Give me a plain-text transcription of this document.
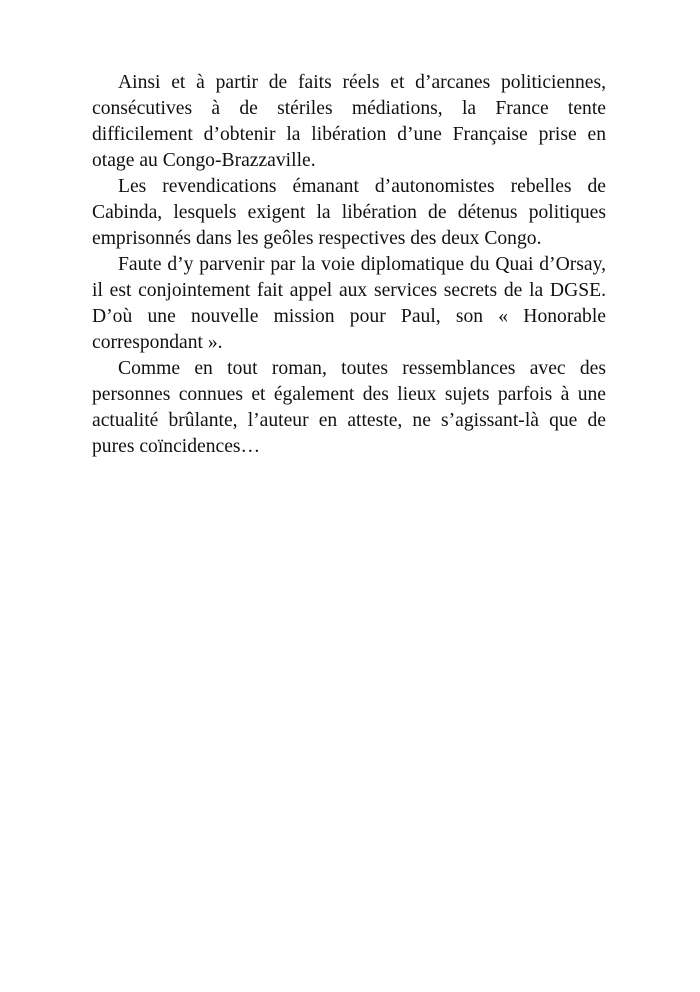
Ainsi et à partir de faits réels et d’arcanes politiciennes, consécutives à de stériles médiations, la France tente difficilement d’obtenir la libération d’une Française prise en otage au Congo-Brazzaville.

Les revendications émanant d’autonomistes rebelles de Cabinda, lesquels exigent la libération de détenus politiques emprisonnés dans les geôles respectives des deux Congo.

Faute d’y parvenir par la voie diplomatique du Quai d’Orsay, il est conjointement fait appel aux services secrets de la DGSE. D’où une nouvelle mission pour Paul, son « Honorable correspondant ».

Comme en tout roman, toutes ressemblances avec des personnes connues et également des lieux sujets parfois à une actualité brûlante, l’auteur en atteste, ne s’agissant-là que de pures coïncidences…
